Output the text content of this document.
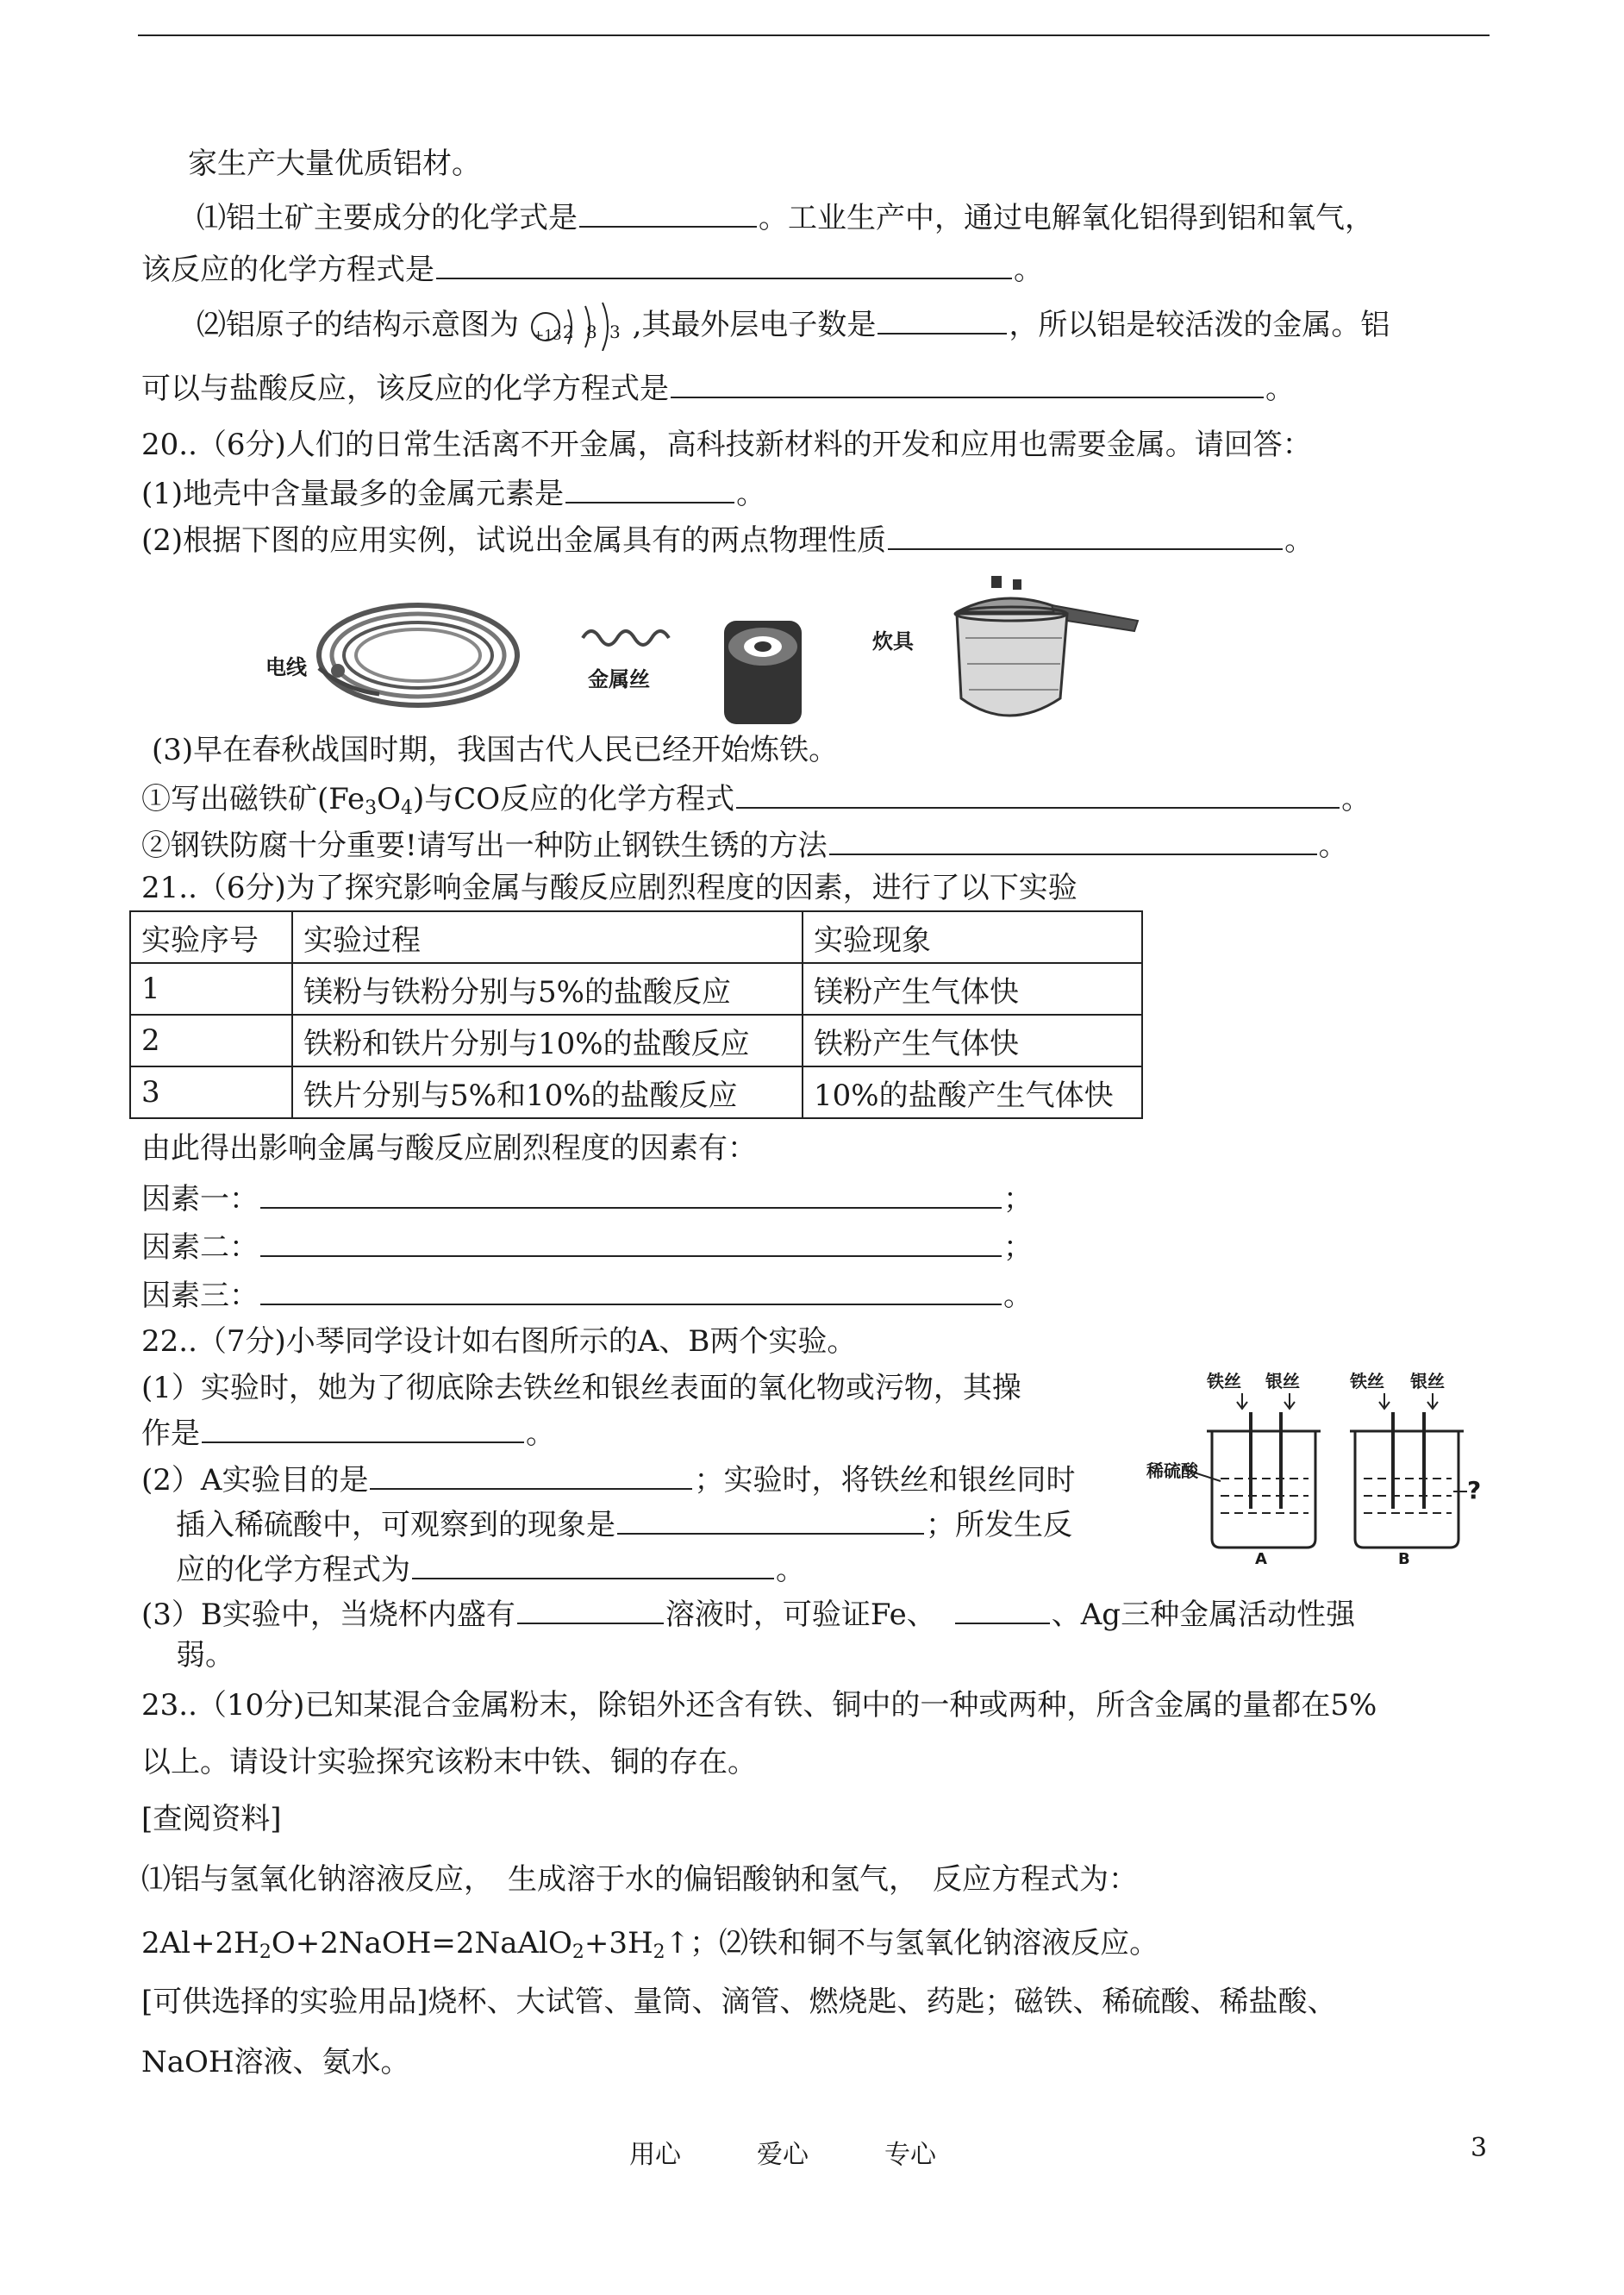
家生产大量优质铝材。
⑴铝土矿主要成分的化学式是	。工业生产中，通过电解氧化铝得到铝和氧气，
该反应的化学方程式是	。
⑵铝原子的结构示意图为 +13 2 8 3 ,其最外层电子数是	，所以铝是较活泼的金属。铝
可以与盐酸反应，该反应的化学方程式是	。
20..（6分)人们的日常生活离不开金属，高科技新材料的开发和应用也需要金属。请回答：
(1)地壳中含量最多的金属元素是	。
(2)根据下图的应用实例，试说出金属具有的两点物理性质	。
电线	金属丝
炊具
(3)早在春秋战国时期，我国古代人民已经开始炼铁。
①写出磁铁矿$(Fe_3O_4)$与CO反应的化学方程式	。
②钢铁防腐十分重要!请写出一种防止钢铁生锈的方法	。
21..（6分)为了探究影响金属与酸反应剧烈程度的因素，进行了以下实验
实验序号	实验过程	实验现象
1	镁粉与铁粉分别与5%的盐酸反应	镁粉产生气体快
2	铁粉和铁片分别与10%的盐酸反应	铁粉产生气体快
3	铁片分别与5%和10%的盐酸反应	10%的盐酸产生气体快
由此得出影响金属与酸反应剧烈程度的因素有：
因素一：	；
因素二：	；
因素三：	。
22..（7分)小琴同学设计如右图所示的A、B两个实验。
(1）实验时，她为了彻底除去铁丝和银丝表面的氧化物或污物，其操
作是	。
(2）A实验目的是	；实验时，将铁丝和银丝同时
插入稀硫酸中，可观察到的现象是	；所发生反
应的化学方程式为	。
(3）B实验中，当烧杯内盛有	溶液时，可验证Fe、	、Ag三种金属活动性强
弱。
铁丝 银丝	铁丝 银丝
稀硫酸
A	B
?
23..（10分)已知某混合金属粉末，除铝外还含有铁、铜中的一种或两种，所含金属的量都在5%
以上。请设计实验探究该粉末中铁、铜的存在。
[查阅资料]
⑴铝与氢氧化钠溶液反应，　生成溶于水的偏铝酸钠和氢气，　反应方程式为：
$2Al+2H_2O+2NaOH=2NaAlO_2+3H_2↑$；⑵铁和铜不与氢氧化钠溶液反应。
[可供选择的实验用品]烧杯、大试管、量筒、滴管、燃烧匙、药匙；磁铁、稀硫酸、稀盐酸、
NaOH溶液、氨水。
用心	爱心	专心	3
